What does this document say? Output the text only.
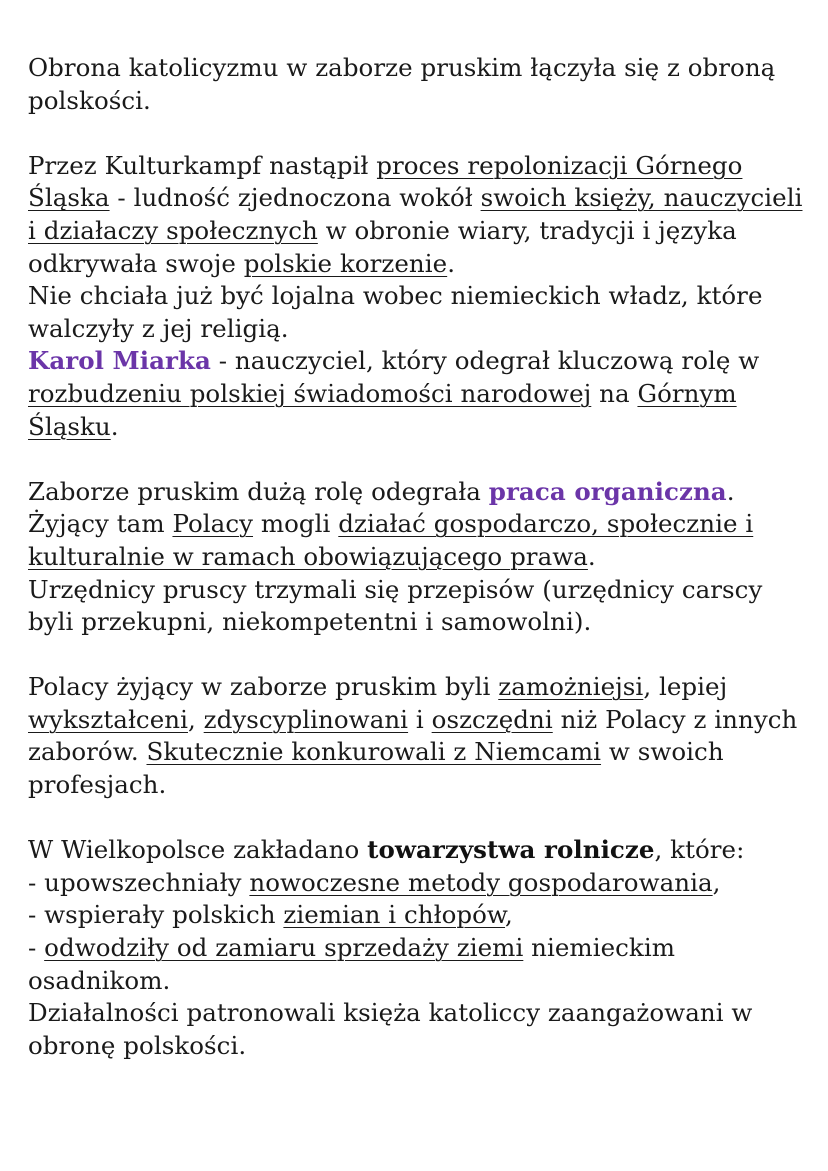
Obrona katolicyzmu w zaborze pruskim łączyła się z obroną polskości.

Przez Kulturkampf nastąpił proces repolonizacji Górnego Śląska - ludność zjednoczona wokół swoich księży, nauczycieli i działaczy społecznych w obronie wiary, tradycji i języka odkrywała swoje polskie korzenie.
Nie chciała już być lojalna wobec niemieckich władz, które walczyły z jej religią.
Karol Miarka - nauczyciel, który odegrał kluczową rolę w rozbudzeniu polskiej świadomości narodowej na Górnym Śląsku.

Zaborze pruskim dużą rolę odegrała praca organiczna.
Żyjący tam Polacy mogli działać gospodarczo, społecznie i kulturalnie w ramach obowiązującego prawa.
Urzędnicy pruscy trzymali się przepisów (urzędnicy carscy byli przekupni, niekompetentni i samowolni).

Polacy żyjący w zaborze pruskim byli zamożniejsi, lepiej wykształceni, zdyscyplinowani i oszczędni niż Polacy z innych zaborów. Skutecznie konkurowali z Niemcami w swoich profesjach.

W Wielkopolsce zakładano towarzystwa rolnicze, które:
- upowszechniały nowoczesne metody gospodarowania,
- wspierały polskich ziemian i chłopów,
- odwodziły od zamiaru sprzedaży ziemi niemieckim osadnikom.
Działalności patronowali księża katoliccy zaangażowani w obronę polskości.
